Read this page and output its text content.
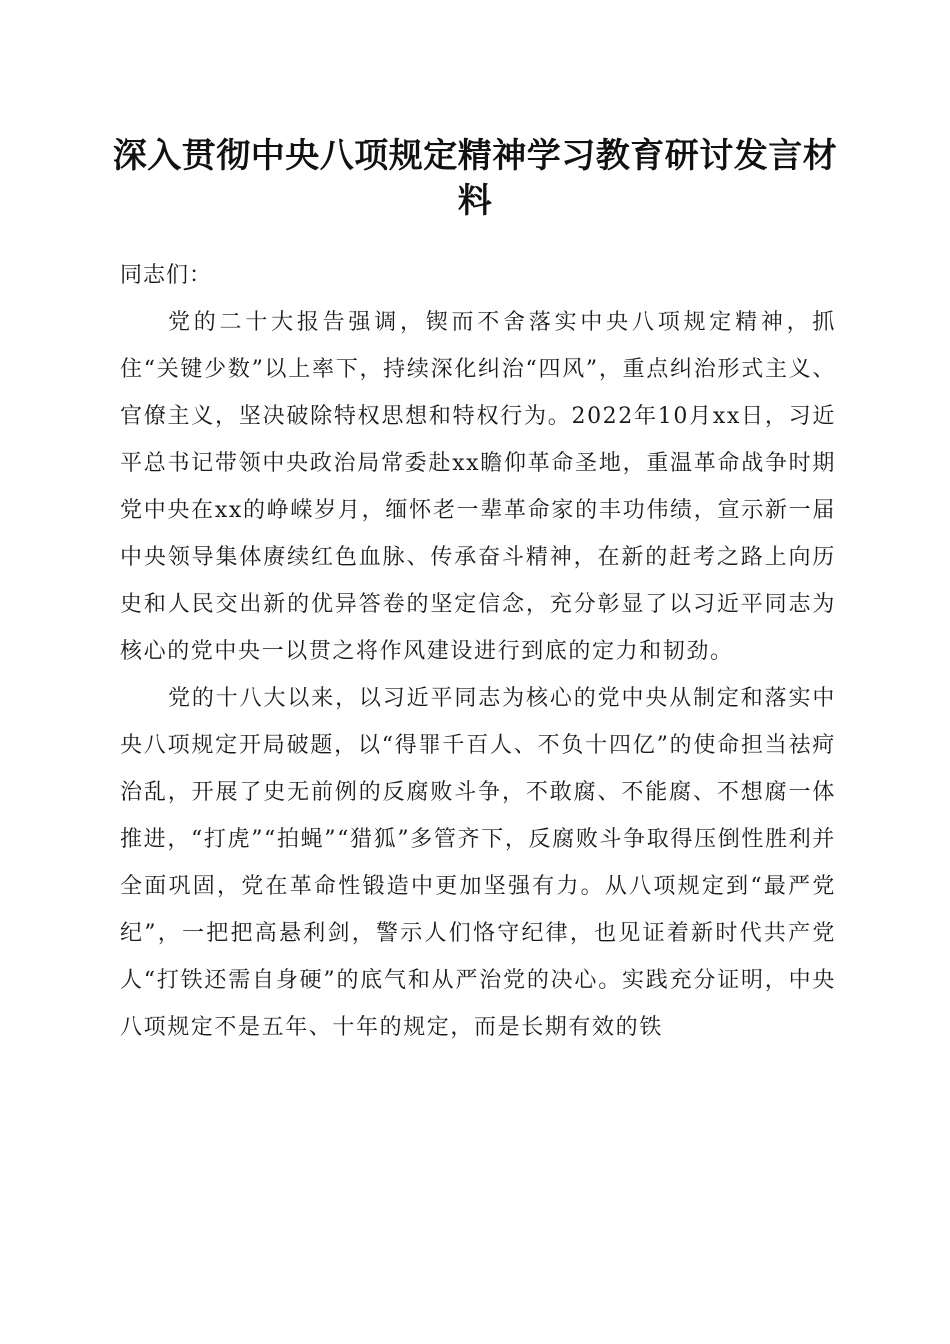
深入贯彻中央八项规定精神学习教育研讨发言材料

同志们：

党的二十大报告强调，锲而不舍落实中央八项规定精神，抓住“关键少数”以上率下，持续深化纠治“四风”，重点纠治形式主义、官僚主义，坚决破除特权思想和特权行为。2022年10月xx日，习近平总书记带领中央政治局常委赴xx瞻仰革命圣地，重温革命战争时期党中央在xx的峥嵘岁月，缅怀老一辈革命家的丰功伟绩，宣示新一届中央领导集体赓续红色血脉、传承奋斗精神，在新的赶考之路上向历史和人民交出新的优异答卷的坚定信念，充分彰显了以习近平同志为核心的党中央一以贯之将作风建设进行到底的定力和韧劲。

党的十八大以来，以习近平同志为核心的党中央从制定和落实中央八项规定开局破题，以“得罪千百人、不负十四亿”的使命担当祛疴治乱，开展了史无前例的反腐败斗争，不敢腐、不能腐、不想腐一体推进，“打虎”“拍蝇”“猎狐”多管齐下，反腐败斗争取得压倒性胜利并全面巩固，党在革命性锻造中更加坚强有力。从八项规定到“最严党纪”，一把把高悬利剑，警示人们恪守纪律，也见证着新时代共产党人“打铁还需自身硬”的底气和从严治党的决心。实践充分证明，中央八项规定不是五年、十年的规定，而是长期有效的铁
